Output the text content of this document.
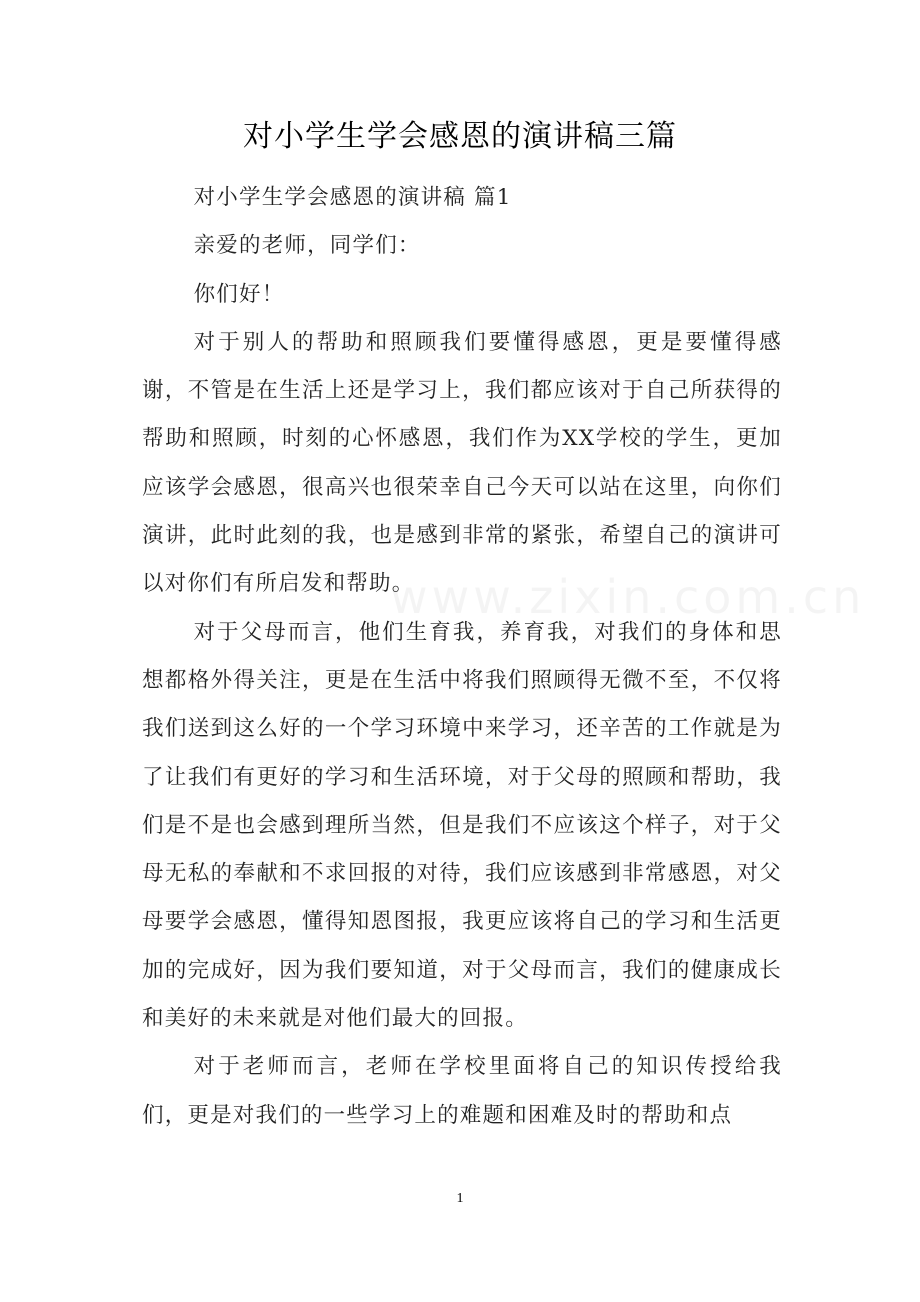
对小学生学会感恩的演讲稿三篇

对小学生学会感恩的演讲稿 篇1

亲爱的老师，同学们：

你们好！

对于别人的帮助和照顾我们要懂得感恩，更是要懂得感谢，不管是在生活上还是学习上，我们都应该对于自己所获得的帮助和照顾，时刻的心怀感恩，我们作为XX学校的学生，更加应该学会感恩，很高兴也很荣幸自己今天可以站在这里，向你们演讲，此时此刻的我，也是感到非常的紧张，希望自己的演讲可以对你们有所启发和帮助。

对于父母而言，他们生育我，养育我，对我们的身体和思想都格外得关注，更是在生活中将我们照顾得无微不至，不仅将我们送到这么好的一个学习环境中来学习，还辛苦的工作就是为了让我们有更好的学习和生活环境，对于父母的照顾和帮助，我们是不是也会感到理所当然，但是我们不应该这个样子，对于父母无私的奉献和不求回报的对待，我们应该感到非常感恩，对父母要学会感恩，懂得知恩图报，我更应该将自己的学习和生活更加的完成好，因为我们要知道，对于父母而言，我们的健康成长和美好的未来就是对他们最大的回报。

对于老师而言，老师在学校里面将自己的知识传授给我们，更是对我们的一些学习上的难题和困难及时的帮助和点

1
